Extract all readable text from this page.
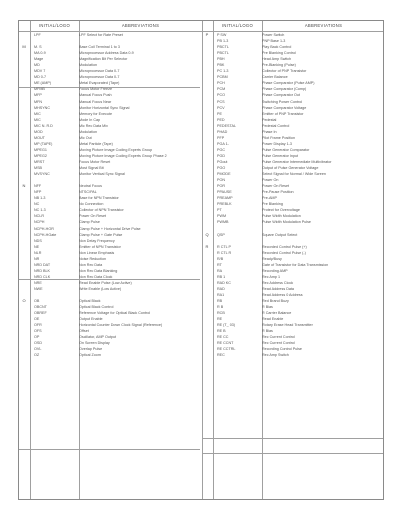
INITIAL/LOGO	ABBREVIATIONS	INITIAL/LOGO	ABBREVIATIONS
LPF	LPF Select for Rate Preset
M	M. S	Base Coil Terminal 1 to 3
MA 0-9	Microprocessor Address Data 0-9
Mage	Magnification Bit Per Selector
MD	Modulation
MDV 7	Microprocessor Data 0-7
MD 0-7	Microprocessor Data 0-7
ME (AMP)	Metal Evaporated (Tape)
MFMB	Focus Motor Freeze
MFP	Manual Focus Push
MFN	Manual Focus Near
MHSYNC	Monitor Horizontal Sync Signal
MIC	Memory for Execute
MIC	Mode In Cap
MIC N. R.D	Mic Rec Data Mix
MOD	Modulation
MOUT	Mic Out
MP (TAPE)	Metal Particle (Tape)
MPEG1	Moving Picture Image Coding Experts Group
MPEG2	Moving Picture Image Coding Experts Group Phase 2
MRST	Focus Motor Reset
MSB	Most Signal Bit
MVSYNC	Monitor Vertical Sync Signal
N	NFF	Neutral Focus
NFP	NTSC/PAL
NB 1-3	Base for NPN Transistor
NC	No Connection
NC 1-3	Collector of NPN Transistor
NCLR	Power On Reset
NCPH	Clamp Pulse
NCPH-HOR	Clamp Pulse + Horizontal Drive Pulse
NCPH-HGate	Clamp Pulse + Gate Pulse
NDS	Non Delay Frequency
NE	Emitter of NPN Transistor
NLR	Non Linear Emphasis
NR	Noise Reduction
NRD DAT	Non Rec Data
NRD BLK	Non Rec Data Blanking
NRD CLK	Non Rec Data Clock
NRE	Read Enable Pulse (Low Active)
NWE	Write Enable (Low Active)
O	OB	Optical Black
OBCNT	Optical Black Control
OBREF	Reference Voltage for Optical Black Control
OE	Output Enable
OFR	Horizontal Counter Down Clock Signal (Reference)
OFS	Offset
OP	Oscillator, AMP Output
OSD	On Screen Display
OVL	Overlap Pulse
OZ	Optical Zoom
P	P SW	Power Switch
PB 1-3	PNP Base 1-3
PBCTL	Play Back Control
PBCTL	Pre Blanking Control
PBH	Head Amp Switch
PBK	Pre-Blanking (Pulse)
PC 1-3	Collector of PNP Transistor
PCBM	Carrier Balance
PCH	Phase Comparator (Pulse AMP)
PCM	Phase Comparator (Comp)
PCO	Phase Comparator Out
PCS	Switching Power Control
PCV	Phase Comparator Voltage
PE	Emitter of PNP Transistor
PED	Pedestal
PEDESTAL	Pedestal Control
PHAD	Phase In
PFP	Pilot Frame Position
PGA 1-	Power Display 1-3
PGC	Pulse Generator Comparator
PGD	Pulse Generator Input
PGout	Pulse Generator Intermediate Multivibrator
PGO	Output of Pulse Generator Voltage
PMODE	Select Signal for Normal / Wide Screen
PON	Power On
POR	Power On Reset
PPAUSE	Pre-Pause Position
PREAMP	Pre-AMP
PREBLK	Pre Blanking
PT	Protect for Overvoltage
PWM	Pulse Width Modulation
PWMB	Pulse Width Modulation Pulse
Q	QSP	Square Output Select
R	R CTL P	Recorded Control Pulse (+)
R CTL R	Recorded Control Pulse (-)
R/B	Ready/Busy
RT	Gate of Transistor for Data Transmission
RA	Recording AMP
RB 1	Rec Amp 1
RAD KC	Rec Address Clock
RAD	Read Address Data
RA1	Read Address 0 Address
RB	Red Brand Buzy
R B	R Bias
RCB	R Carrier Balance
RE	Read Enable
RE (T_ 03)	Rotary Erase Head Transmitter
RE B	R Bias
RE CC	Rec Current Control
RE CCNT	Rec Current Control
RE CCTRL	Recording Control Pulse
REC	Rec Amp Switch
